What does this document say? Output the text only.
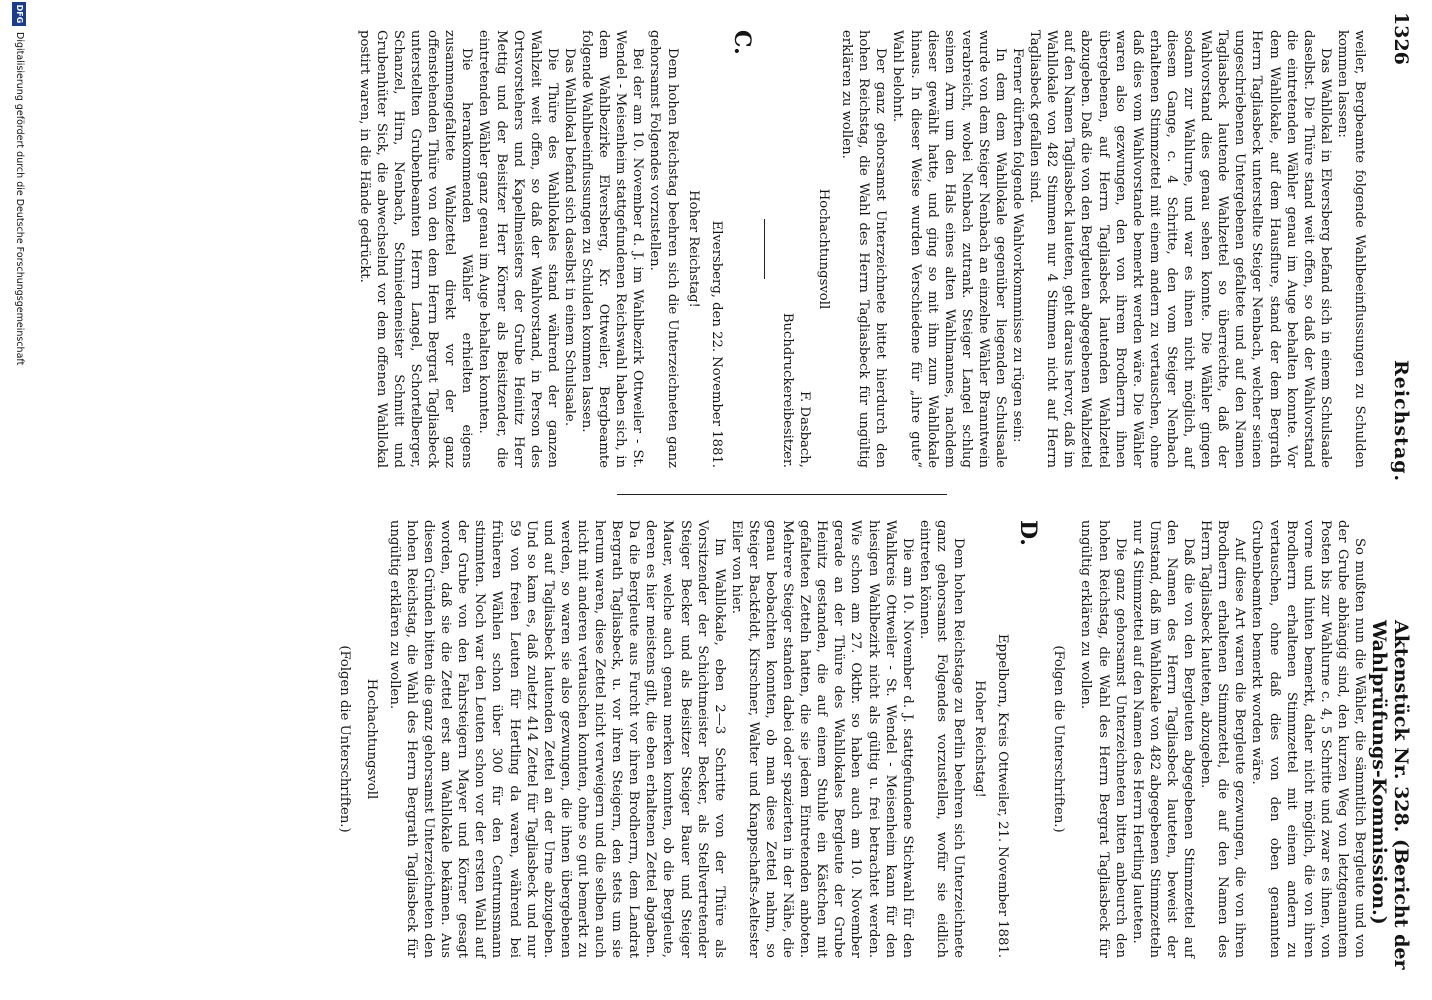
1326
Reichstag.
Aktenstück Nr. 328. (Bericht der Wahlprüfungs-Kommission.)

weiler, Bergbeamte folgende Wahlbeeinflussungen zu Schulden kommen lassen:

Das Wahllokal in Elversberg befand sich in einem Schulsaale daselbst. Die Thüre stand weit offen, so daß der Wahlvorstand die eintretenden Wähler genau im Auge behalten konnte. Vor dem Wahllokale, auf dem Hausflure, stand der dem Bergrath Herrn Tagliasbeck unterstellte Steiger Nenbach, welcher seinen ungeschriebenen Untergebenen gefaltete und auf den Namen Tagliasbeck lautende Wahlzettel so überreichte, daß der Wahlvorstand dies genau sehen konnte. Die Wähler gingen sodann zur Wahlurne, und war es ihnen nicht möglich, auf diesem Gange, c. 4 Schritte, den vom Steiger Nenbach erhaltenen Stimmzettel mit einem andern zu vertauschen, ohne daß dies vom Wahlvorstande bemerkt werden wäre. Die Wähler waren also gezwungen, den von ihrem Brodherrn ihnen übergebenen, auf Herrn Tagliasbeck lautenden Wahlzettel abzugeben. Daß die von den Bergleuten abgegebenen Wahlzettel auf den Namen Tagliasbeck lauteten, geht daraus hervor, daß im Wahllokale von 482 Stimmen nur 4 Stimmen nicht auf Herrn Tagliasbeck gefallen sind.

Ferner dürften folgende Wahlvorkommnisse zu rügen sein:

In dem dem Wahllokale gegenüber liegenden Schulsaale wurde von dem Steiger Nenbach an einzelne Wähler Branntwein verabreicht, wobei Nenbach zutrank. Steiger Langel schlug seinen Arm um den Hals eines alten Wahlmannes, nachdem dieser gewählt hatte, und ging so mit ihm zum Wahllokale hinaus. In dieser Weise wurden Verschiedene für „ihre gute“ Wahl belohnt.

Der ganz gehorsamst Unterzeichnete bittet hierdurch den hohen Reichstag, die Wahl des Herrn Tagliasbeck für ungültig erklären zu wollen.

Hochachtungsvoll

F. Dasbach,

Buchdruckereibesitzer.

C.

Elversberg, den 22. November 1881.

Hoher Reichstag!

Dem hohen Reichstag beehren sich die Unterzeichneten ganz gehorsamst Folgendes vorzustellen.

Bei der am 10. November d. J. im Wahlbezirk Ottweiler - St. Wendel - Meisenheim stattgefundenen Reichswahl haben sich, in dem Wahlbezirke Elversberg, Kr. Ottweiler, Bergbeamte folgende Wahlbeeinflussungen zu Schulden kommen lassen.

Das Wahllokal befand sich daselbst in einem Schulsaale.

Die Thüre des Wahllokales stand während der ganzen Wahlzeit weit offen, so daß der Wahlvorstand, in Person des Ortsvorstehers und Kapellmeisters der Grube Heinitz Herr Mettig und der Beisitzer Herr Körner als Beisitzender, die eintretenden Wähler ganz genau im Auge behalten konnten.

Die herankommenden Wähler erhielten eigens zusammengefaltete Wahlzettel direkt vor der ganz offenstehenden Thüre von den dem Herrn Bergrat Tagliasbeck unterstellten Grubenbeamten Herrn Langel, Schortelberger, Schanzel, Hirn, Nenbach, Schmiedemeister Schmitt und Grubenhüter Sick, die abwechselnd vor dem offenen Wahllokal postirt waren, in die Hände gedrückt.

So mußten nun die Wähler, die sämmtlich Bergleute und von der Grube abhängig sind, den kurzen Weg von letztgenanntem Posten bis zur Wahlurne c. 4, 5 Schritte und zwar es ihnen, von vorne und hinten bemerkt, daher nicht möglich, die von ihren Brodherrn erhaltenen Stimmzettel mit einem andern zu vertauschen, ohne daß dies von den oben genannten Grubenbeamten bemerkt worden wäre.

Auf diese Art waren die Bergleute gezwungen, die von ihren Brodherrn erhaltenen Stimmzettel, die auf den Namen des Herrn Tagliasbeck lauteten, abzugeben.

Daß die von den Bergleuten abgegebenen Stimmzettel auf den Namen des Herrn Tagliasbeck lauteten, beweist der Umstand, daß im Wahllokale von 482 abgegebenen Stimmzetteln nur 4 Stimmzettel auf den Namen des Herrn Hertling lauteten.

Die ganz gehorsamst Unterzeichneten bitten anbeurch den hohen Reichstag, die Wahl des Herrn Bergrat Tagliasbeck für ungültig erklären zu wollen.

(Folgen die Unterschriften.)

D.

Eppelborn, Kreis Ottweiler, 21. November 1881.

Hoher Reichstag!

Dem hohen Reichstage zu Berlin beehren sich Unterzeichnete ganz gehorsamst Folgendes vorzustellen, wofür sie eidlich eintreten können.

Die am 10. November d. J. stattgefundene Stichwahl für den Wahlkreis Ottweiler - St. Wendel - Meisenheim kann für den hiesigen Wahlbezirk nicht als gültig u. frei betrachtet werden. Wie schon am 27. Oktbr. so haben auch am 10. November gerade an der Thüre des Wahllokales Bergleute der Grube Heinitz gestanden, die auf einem Stuhle ein Kästchen mit gefalteten Zetteln hatten, die sie jedem Eintretenden anboten. Mehrere Steiger standen dabei oder spazierten in der Nähe, die genau beobachten konnten, ob man diese Zettel nahm, so Steiger Backfeldt, Kirschner, Walter und Knappschafts-Aeltester Eiler von hier.

Im Wahllokale, eben 2—3 Schritte von der Thüre als Vorsitzender der Schichtmeister Becker, als Stellvertretender Steiger Becker und als Beisitzer Steiger Bauer und Steiger Mauer, welche auch genau merken konnten, ob die Bergleute, deren es hier meistens gilt, die eben erhaltenen Zettel abgaben. Da die Bergleute aus Furcht vor ihren Brodherrn, dem Landrat Bergrath Tagliasbeck, u. vor ihren Steigern, den stets um sie herum waren, diese Zettel nicht verweigern und die selben auch nicht mit anderen vertauschen konnten, ohne so gut bemerkt zu werden, so waren sie also gezwungen, die ihnen übergebenen und auf Tagliasbeck lautenden Zettel an der Urne abzugeben. Und so kam es, daß zuletzt 414 Zettel für Tagliasbeck und nur 59 von freien Leuten für Hertling da waren, während bei früheren Wählen schon über 300 für den Centrumsmann stimmten. Noch war den Leuten schon vor der ersten Wahl auf der Grube von den Fahrsteigern Mayer und Körner gesagt worden, daß sie die Zettel erst am Wahllokale bekämen. Aus diesen Gründen bitten die ganz gehorsamst Unterzeichneten den hohen Reichstag, die Wahl des Herrn Bergrath Tagliasbeck für ungültig erklären zu wollen.

Hochachtungsvoll

(Folgen die Unterschriften.)

DFG
Digitalisierung gefördert durch die Deutsche Forschungsgemeinschaft
